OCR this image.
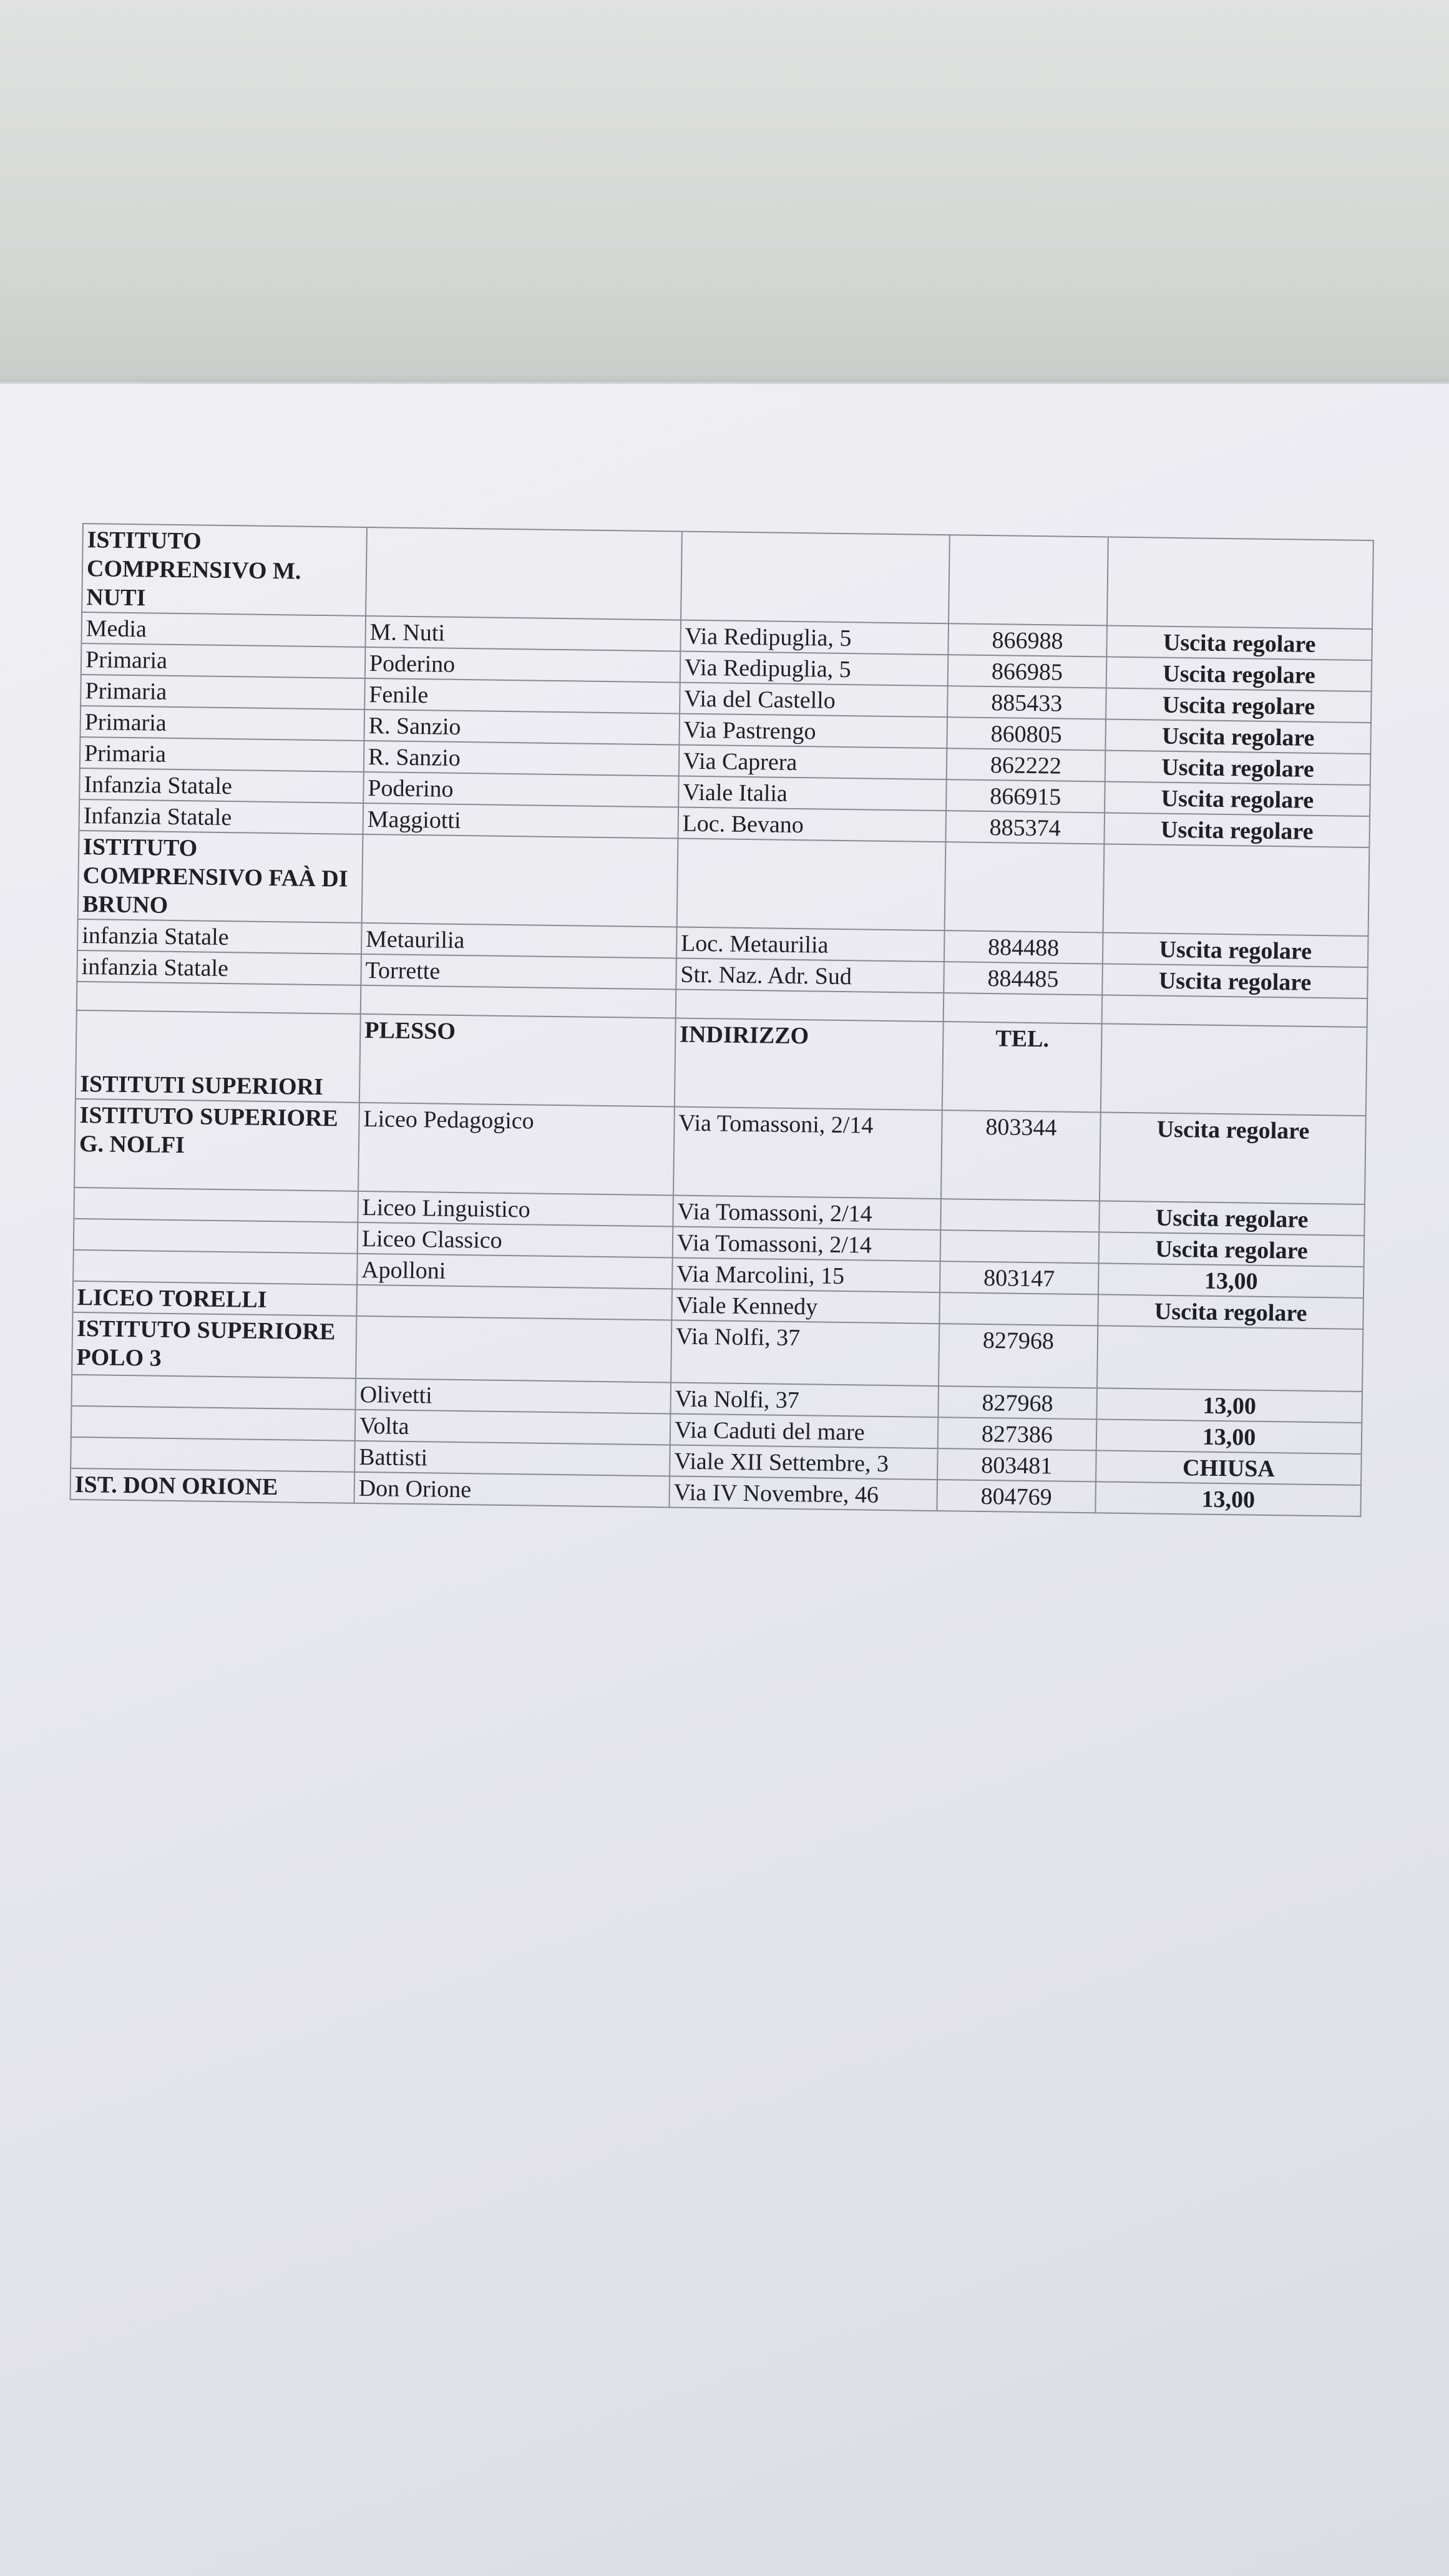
ISTITUTO COMPRENSIVO M. NUTI				
Media	M. Nuti	Via Redipuglia, 5	866988	Uscita regolare
Primaria	Poderino	Via Redipuglia, 5	866985	Uscita regolare
Primaria	Fenile	Via del Castello	885433	Uscita regolare
Primaria	R. Sanzio	Via Pastrengo	860805	Uscita regolare
Primaria	R. Sanzio	Via Caprera	862222	Uscita regolare
Infanzia Statale	Poderino	Viale Italia	866915	Uscita regolare
Infanzia Statale	Maggiotti	Loc. Bevano	885374	Uscita regolare
ISTITUTO COMPRENSIVO FAÀ DI BRUNO				
infanzia Statale	Metaurilia	Loc. Metaurilia	884488	Uscita regolare
infanzia Statale	Torrette	Str. Naz. Adr. Sud	884485	Uscita regolare

ISTITUTI SUPERIORI	PLESSO	INDIRIZZO	TEL.	
ISTITUTO SUPERIORE G. NOLFI	Liceo Pedagogico	Via Tomassoni, 2/14	803344	Uscita regolare
	Liceo Linguistico	Via Tomassoni, 2/14		Uscita regolare
	Liceo Classico	Via Tomassoni, 2/14		Uscita regolare
	Apolloni	Via Marcolini, 15	803147	13,00
LICEO TORELLI		Viale Kennedy		Uscita regolare
ISTITUTO SUPERIORE POLO 3		Via Nolfi, 37	827968	
	Olivetti	Via Nolfi, 37	827968	13,00
	Volta	Via Caduti del mare	827386	13,00
	Battisti	Viale XII Settembre, 3	803481	CHIUSA
IST. DON ORIONE	Don Orione	Via IV Novembre, 46	804769	13,00
